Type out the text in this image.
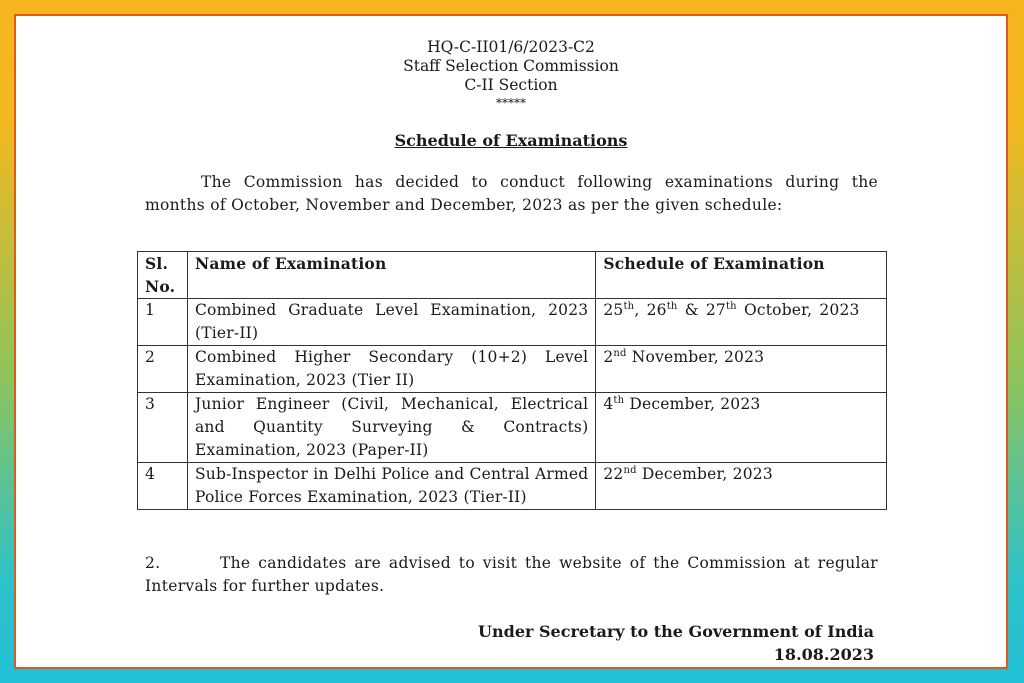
HQ-C-II01/6/2023-C2
Staff Selection Commission
C-II Section
*****
Schedule of Examinations
The Commission has decided to conduct following examinations during the months of October, November and December, 2023 as per the given schedule:
Sl. No.	Name of Examination	Schedule of Examination
1	Combined Graduate Level Examination, 2023 (Tier-II)	25th, 26th & 27th October, 2023
2	Combined Higher Secondary (10+2) Level Examination, 2023 (Tier II)	2nd November, 2023
3	Junior Engineer (Civil, Mechanical, Electrical and Quantity Surveying & Contracts) Examination, 2023 (Paper-II)	4th December, 2023
4	Sub-Inspector in Delhi Police and Central Armed Police Forces Examination, 2023 (Tier-II)	22nd December, 2023
2.	The candidates are advised to visit the website of the Commission at regular Intervals for further updates.
Under Secretary to the Government of India
18.08.2023
